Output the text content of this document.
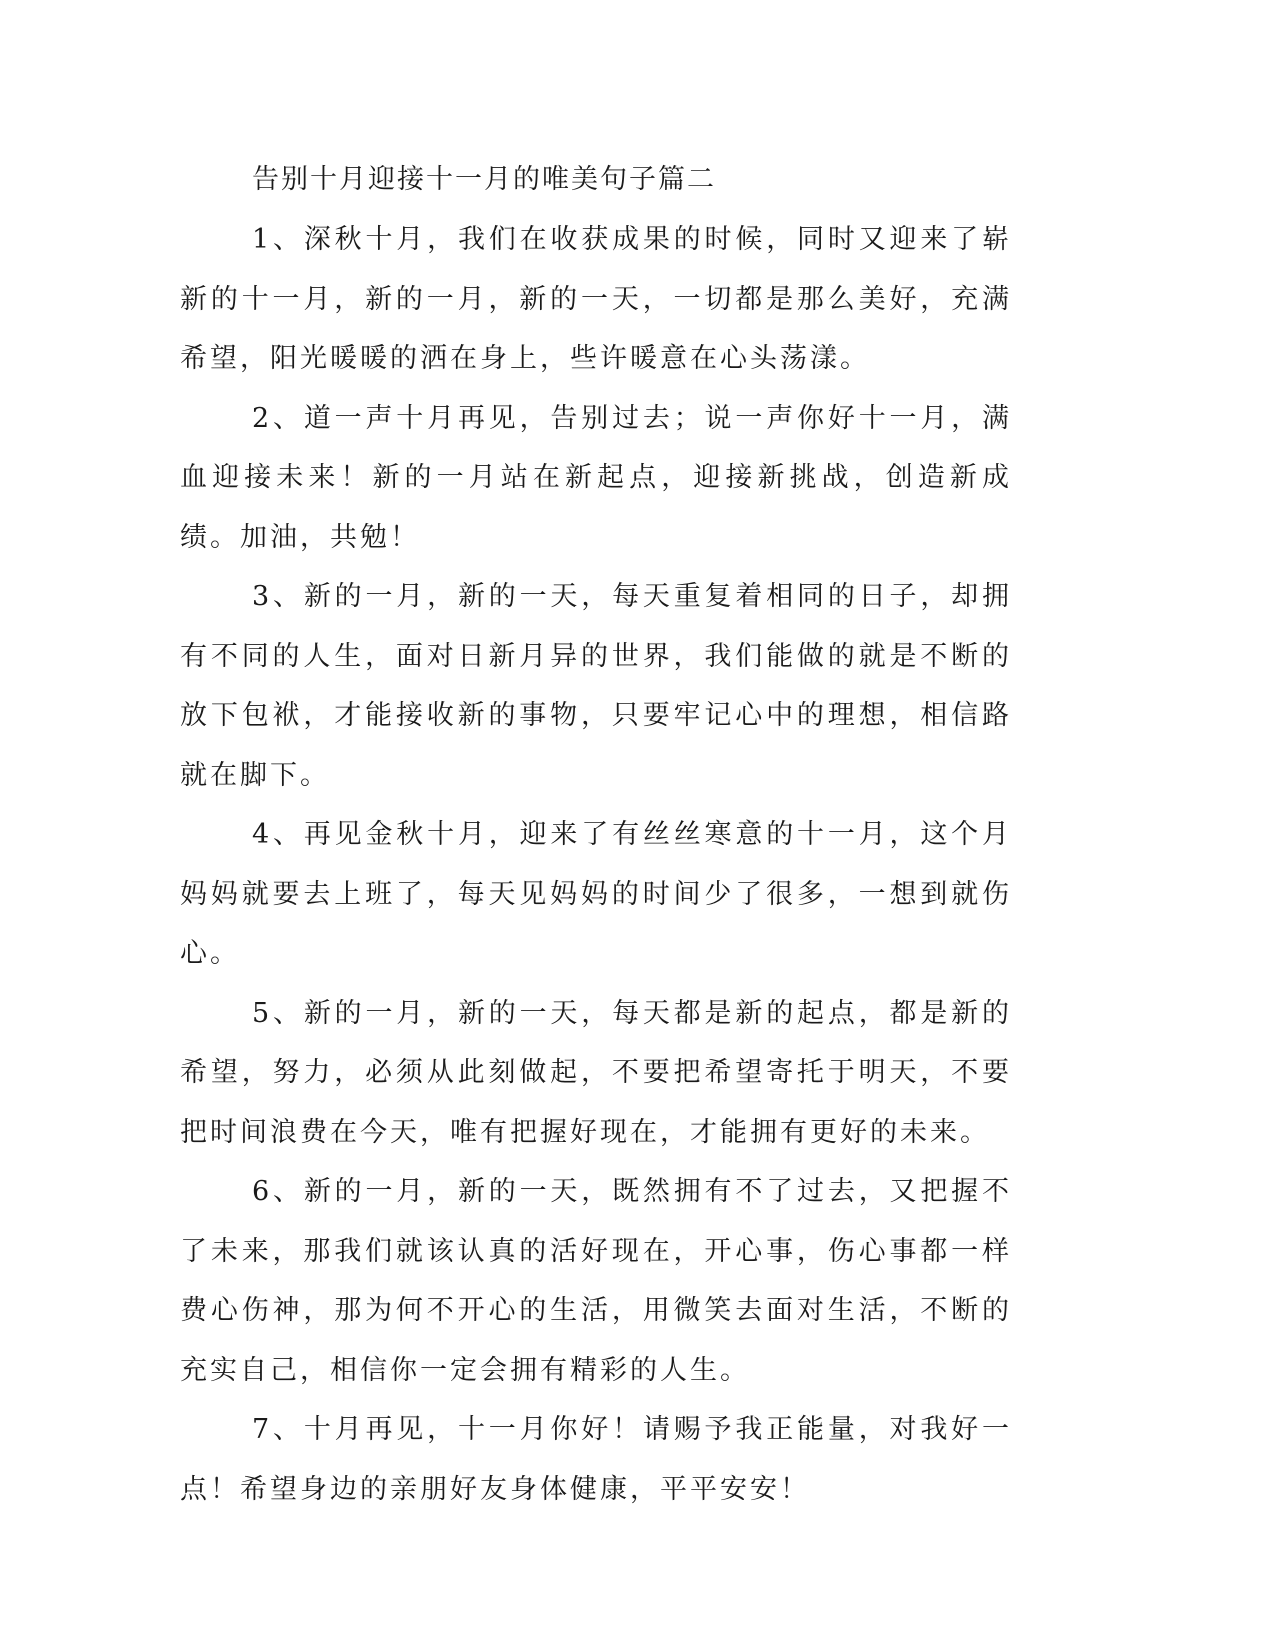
告别十月迎接十一月的唯美句子篇二

1、深秋十月，我们在收获成果的时候，同时又迎来了崭新的十一月，新的一月，新的一天，一切都是那么美好，充满希望，阳光暖暖的洒在身上，些许暖意在心头荡漾。

2、道一声十月再见，告别过去；说一声你好十一月，满血迎接未来！新的一月站在新起点，迎接新挑战，创造新成绩。加油，共勉！

3、新的一月，新的一天，每天重复着相同的日子，却拥有不同的人生，面对日新月异的世界，我们能做的就是不断的放下包袱，才能接收新的事物，只要牢记心中的理想，相信路就在脚下。

4、再见金秋十月，迎来了有丝丝寒意的十一月，这个月妈妈就要去上班了，每天见妈妈的时间少了很多，一想到就伤心。

5、新的一月，新的一天，每天都是新的起点，都是新的希望，努力，必须从此刻做起，不要把希望寄托于明天，不要把时间浪费在今天，唯有把握好现在，才能拥有更好的未来。

6、新的一月，新的一天，既然拥有不了过去，又把握不了未来，那我们就该认真的活好现在，开心事，伤心事都一样费心伤神，那为何不开心的生活，用微笑去面对生活，不断的充实自己，相信你一定会拥有精彩的人生。

7、十月再见，十一月你好！请赐予我正能量，对我好一点！希望身边的亲朋好友身体健康，平平安安！
